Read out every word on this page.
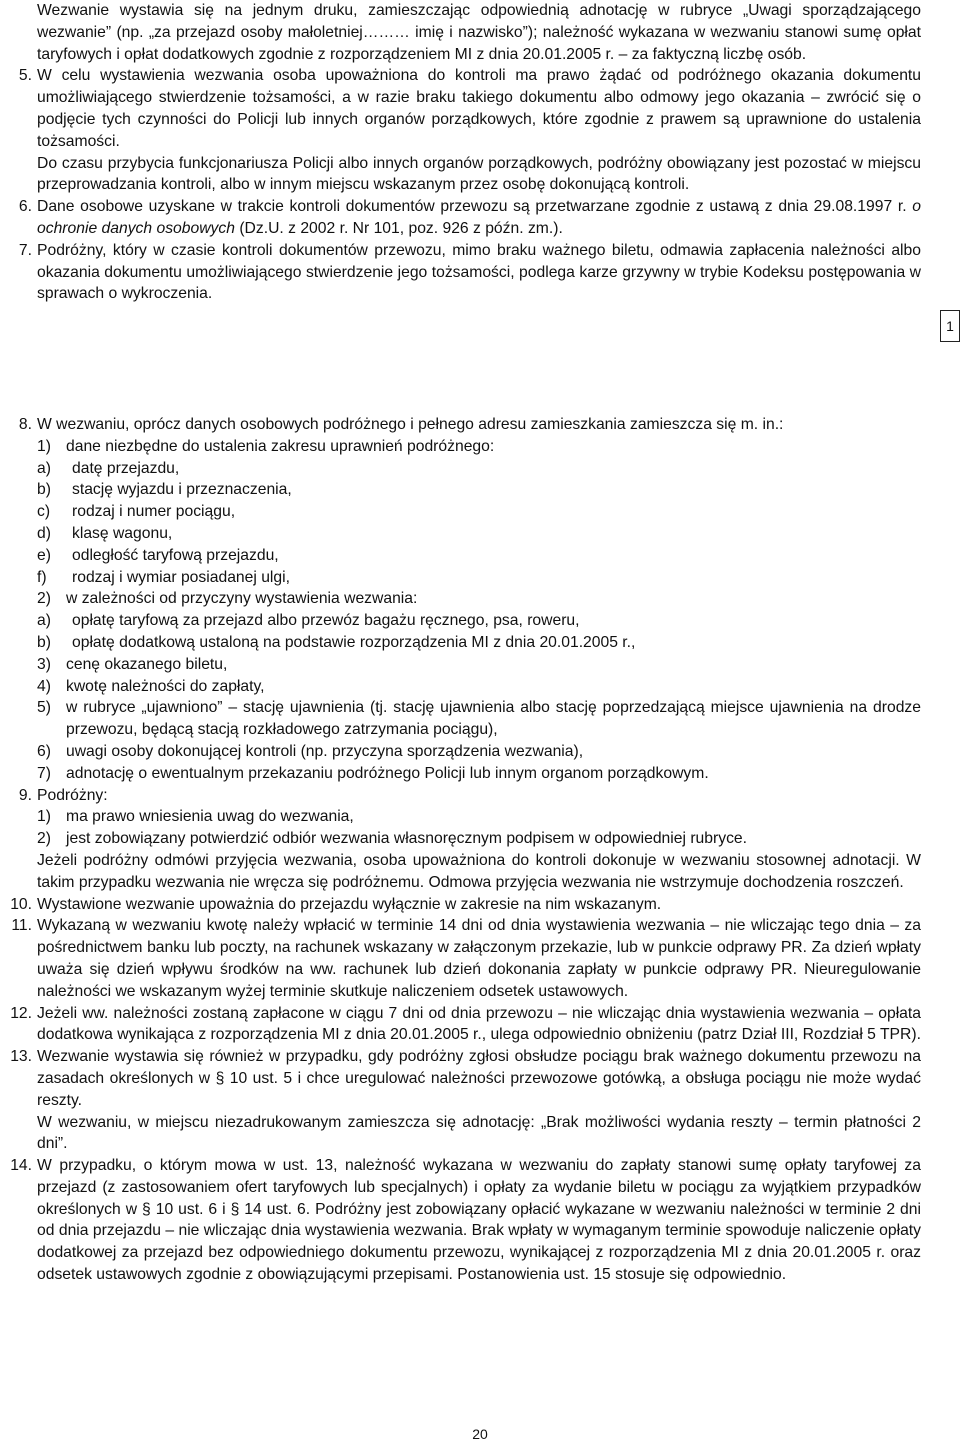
Wezwanie wystawia się na jednym druku, zamieszczając odpowiednią adnotację w rubryce „Uwagi sporządzającego wezwanie” (np. „za przejazd osoby małoletniej……… imię i nazwisko”); należność wykazana w wezwaniu stanowi sumę opłat taryfowych i opłat dodatkowych zgodnie z rozporządzeniem MI z dnia 20.01.2005 r. – za faktyczną liczbę osób.

5. W celu wystawienia wezwania osoba upoważniona do kontroli ma prawo żądać od podróżnego okazania dokumentu umożliwiającego stwierdzenie tożsamości, a w razie braku takiego dokumentu albo odmowy jego okazania – zwrócić się o podjęcie tych czynności do Policji lub innych organów porządkowych, które zgodnie z prawem są uprawnione do ustalenia tożsamości.

Do czasu przybycia funkcjonariusza Policji albo innych organów porządkowych, podróżny obowiązany jest pozostać w miejscu przeprowadzania kontroli, albo w innym miejscu wskazanym przez osobę dokonującą kontroli.

6. Dane osobowe uzyskane w trakcie kontroli dokumentów przewozu są przetwarzane zgodnie z ustawą z dnia 29.08.1997 r. o ochronie danych osobowych (Dz.U. z 2002 r. Nr 101, poz. 926 z późn. zm.).
7. Podróżny, który w czasie kontroli dokumentów przewozu, mimo braku ważnego biletu, odmawia zapłacenia należności albo okazania dokumentu umożliwiającego stwierdzenie jego tożsamości, podlega karze grzywny w trybie Kodeksu postępowania w sprawach o wykroczenia.
1
8. W wezwaniu, oprócz danych osobowych podróżnego i pełnego adresu zamieszkania zamieszcza się m. in.:
1) dane niezbędne do ustalenia zakresu uprawnień podróżnego:
a)	datę przejazdu,
b)	stację wyjazdu i przeznaczenia,
c)	rodzaj i numer pociągu,
d)	klasę wagonu,
e)	odległość taryfową przejazdu,
f)	rodzaj i wymiar posiadanej ulgi,
2) w zależności od przyczyny wystawienia wezwania:
a)	opłatę taryfową za przejazd albo przewóz bagażu ręcznego, psa, roweru,
b)	opłatę dodatkową ustaloną na podstawie rozporządzenia MI z dnia 20.01.2005 r.,
3) cenę okazanego biletu,
4) kwotę należności do zapłaty,
5) w rubryce „ujawniono” – stację ujawnienia (tj. stację ujawnienia albo stację poprzedzającą miejsce ujawnienia na drodze przewozu, będącą stacją rozkładowego zatrzymania pociągu),
6) uwagi osoby dokonującej kontroli (np. przyczyna sporządzenia wezwania),
7) adnotację o ewentualnym przekazaniu podróżnego Policji lub innym organom porządkowym.
9. Podróżny:
1) ma prawo wniesienia uwag do wezwania,
2) jest zobowiązany potwierdzić odbiór wezwania własnoręcznym podpisem w odpowiedniej rubryce.

Jeżeli podróżny odmówi przyjęcia wezwania, osoba upoważniona do kontroli dokonuje w wezwaniu stosownej adnotacji. W takim przypadku wezwania nie wręcza się podróżnemu. Odmowa przyjęcia wezwania nie wstrzymuje dochodzenia roszczeń.

10. Wystawione wezwanie upoważnia do przejazdu wyłącznie w zakresie na nim wskazanym.
11. Wykazaną w wezwaniu kwotę należy wpłacić w terminie 14 dni od dnia wystawienia wezwania – nie wliczając tego dnia – za pośrednictwem banku lub poczty, na rachunek wskazany w załączonym przekazie, lub w punkcie odprawy PR. Za dzień wpłaty uważa się dzień wpływu środków na ww. rachunek lub dzień dokonania zapłaty w punkcie odprawy PR. Nieuregulowanie należności we wskazanym wyżej terminie skutkuje naliczeniem odsetek ustawowych.
12. Jeżeli ww. należności zostaną zapłacone w ciągu 7 dni od dnia przewozu – nie wliczając dnia wystawienia wezwania – opłata dodatkowa wynikająca z rozporządzenia MI z dnia 20.01.2005 r., ulega odpowiednio obniżeniu (patrz Dział III, Rozdział 5 TPR).
13. Wezwanie wystawia się również w przypadku, gdy podróżny zgłosi obsłudze pociągu brak ważnego dokumentu przewozu na zasadach określonych w § 10 ust. 5 i chce uregulować należności przewozowe gotówką, a obsługa pociągu nie może wydać reszty.

W wezwaniu, w miejscu niezadrukowanym zamieszcza się adnotację: „Brak możliwości wydania reszty – termin płatności 2 dni”.

14. W przypadku, o którym mowa w ust. 13, należność wykazana w wezwaniu do zapłaty stanowi sumę opłaty taryfowej za przejazd (z zastosowaniem ofert taryfowych lub specjalnych) i opłaty za wydanie biletu w pociągu za wyjątkiem przypadków określonych w § 10 ust. 6 i § 14 ust. 6. Podróżny jest zobowiązany opłacić wykazane w wezwaniu należności w terminie 2 dni od dnia przejazdu – nie wliczając dnia wystawienia wezwania. Brak wpłaty w wymaganym terminie spowoduje naliczenie opłaty dodatkowej za przejazd bez odpowiedniego dokumentu przewozu, wynikającej z rozporządzenia MI z dnia 20.01.2005 r. oraz odsetek ustawowych zgodnie z obowiązującymi przepisami. Postanowienia ust. 15 stosuje się odpowiednio.
20
